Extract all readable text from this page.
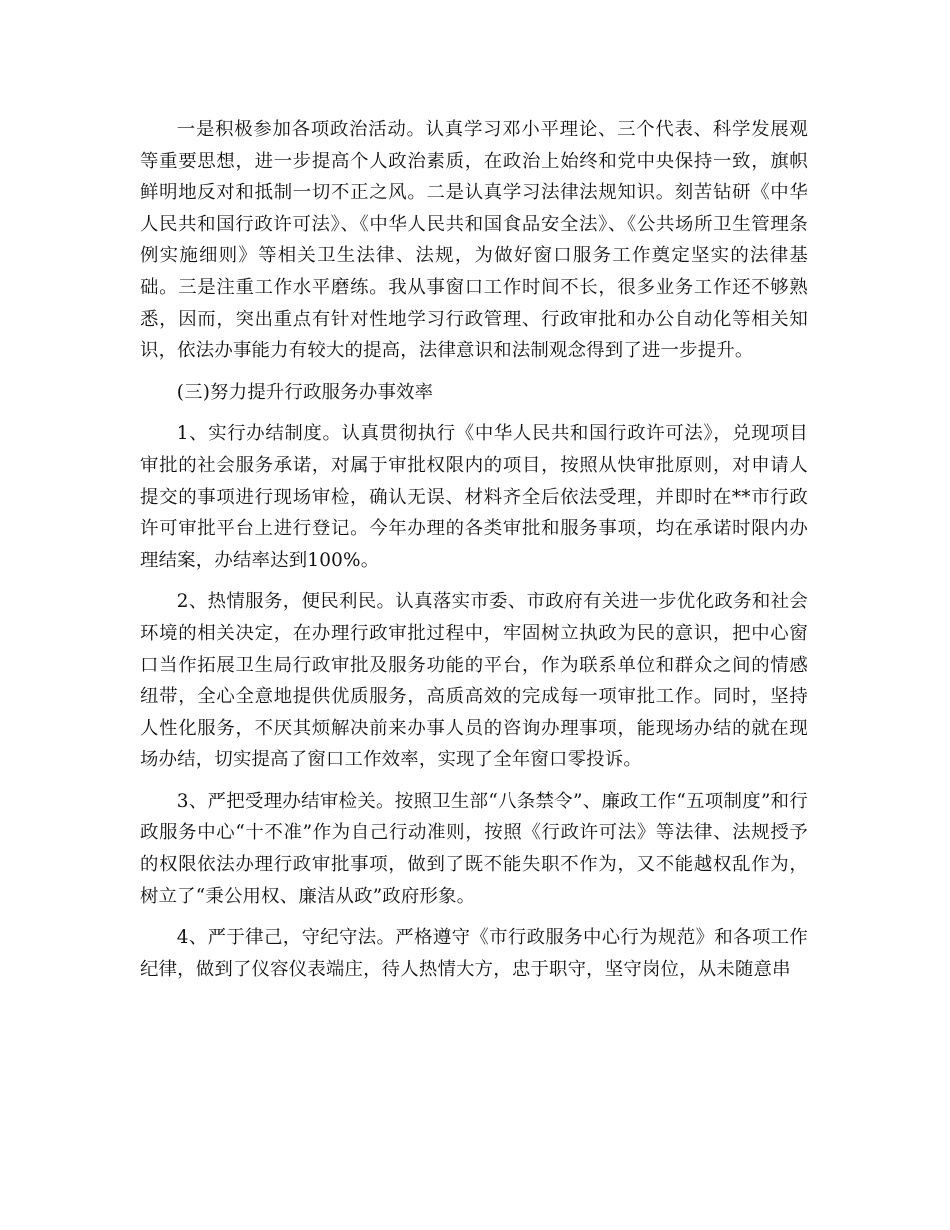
一是积极参加各项政治活动。认真学习邓小平理论、三个代表、科学发展观等重要思想，进一步提高个人政治素质，在政治上始终和党中央保持一致，旗帜鲜明地反对和抵制一切不正之风。二是认真学习法律法规知识。刻苦钻研《中华人民共和国行政许可法》、《中华人民共和国食品安全法》、《公共场所卫生管理条例实施细则》等相关卫生法律、法规，为做好窗口服务工作奠定坚实的法律基础。三是注重工作水平磨练。我从事窗口工作时间不长，很多业务工作还不够熟悉，因而，突出重点有针对性地学习行政管理、行政审批和办公自动化等相关知识，依法办事能力有较大的提高，法律意识和法制观念得到了进一步提升。

(三)努力提升行政服务办事效率

1、实行办结制度。认真贯彻执行《中华人民共和国行政许可法》，兑现项目审批的社会服务承诺，对属于审批权限内的项目，按照从快审批原则，对申请人提交的事项进行现场审检，确认无误、材料齐全后依法受理，并即时在**市行政许可审批平台上进行登记。今年办理的各类审批和服务事项，均在承诺时限内办理结案，办结率达到100%。

2、热情服务，便民利民。认真落实市委、市政府有关进一步优化政务和社会环境的相关决定，在办理行政审批过程中，牢固树立执政为民的意识，把中心窗口当作拓展卫生局行政审批及服务功能的平台，作为联系单位和群众之间的情感纽带，全心全意地提供优质服务，高质高效的完成每一项审批工作。同时，坚持人性化服务，不厌其烦解决前来办事人员的咨询办理事项，能现场办结的就在现场办结，切实提高了窗口工作效率，实现了全年窗口零投诉。

3、严把受理办结审检关。按照卫生部“八条禁令”、廉政工作“五项制度”和行政服务中心“十不准”作为自己行动准则，按照《行政许可法》等法律、法规授予的权限依法办理行政审批事项，做到了既不能失职不作为，又不能越权乱作为，树立了“秉公用权、廉洁从政”政府形象。

4、严于律己，守纪守法。严格遵守《市行政服务中心行为规范》和各项工作纪律，做到了仪容仪表端庄，待人热情大方，忠于职守，坚守岗位，从未随意串
